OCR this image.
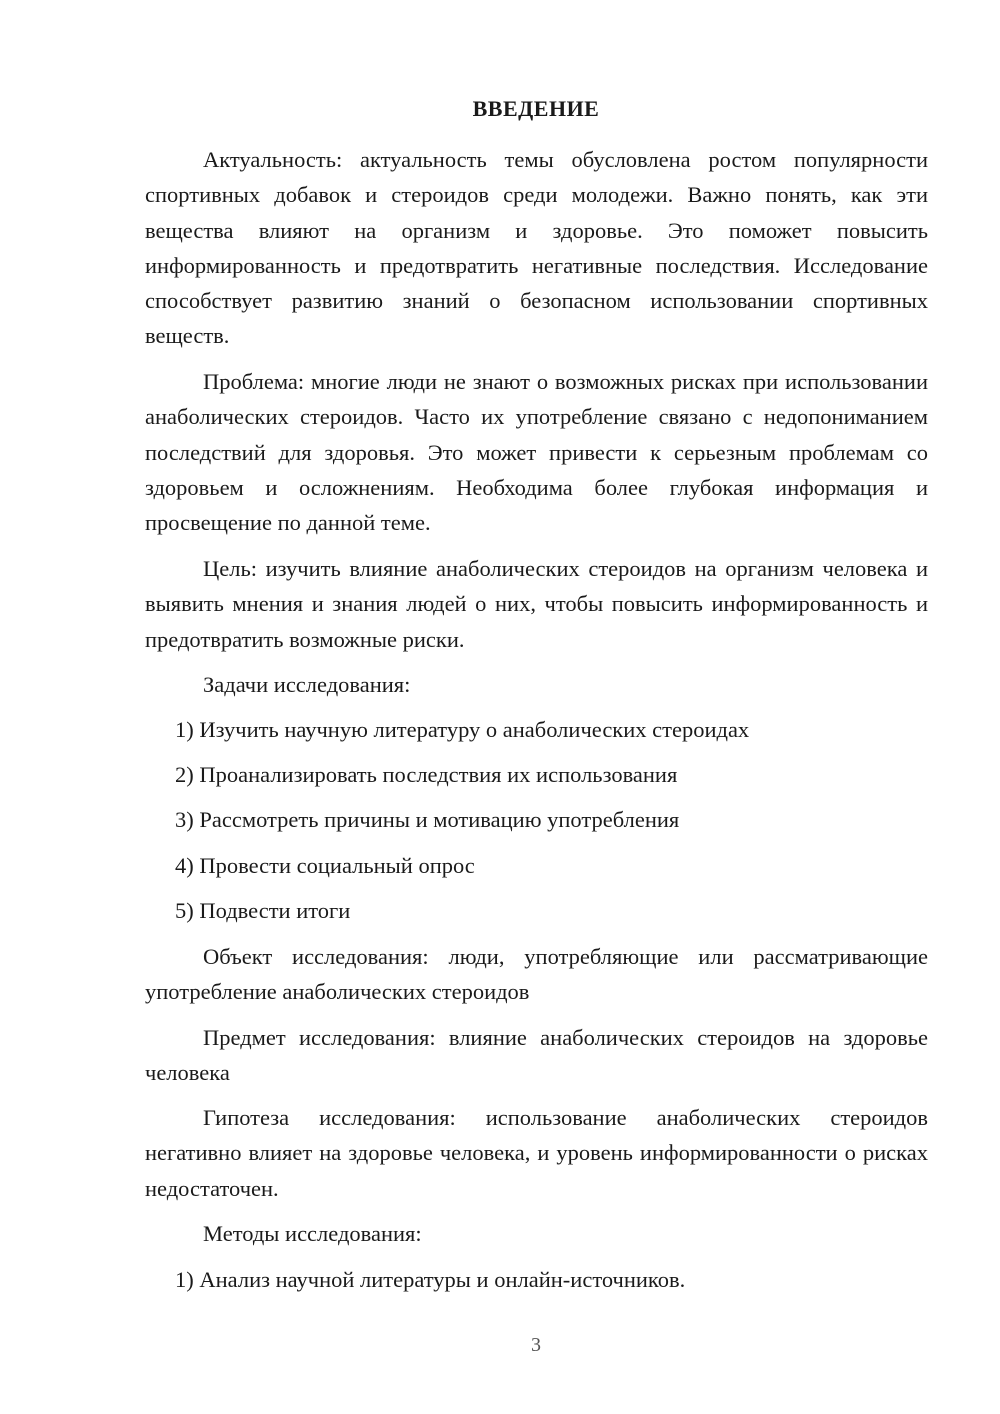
ВВЕДЕНИЕ

Актуальность: актуальность темы обусловлена ростом популярности спортивных добавок и стероидов среди молодежи. Важно понять, как эти вещества влияют на организм и здоровье. Это поможет повысить информированность и предотвратить негативные последствия. Исследование способствует развитию знаний о безопасном использовании спортивных веществ.

Проблема: многие люди не знают о возможных рисках при использовании анаболических стероидов. Часто их употребление связано с недопониманием последствий для здоровья. Это может привести к серьезным проблемам со здоровьем и осложнениям. Необходима более глубокая информация и просвещение по данной теме.

Цель: изучить влияние анаболических стероидов на организм человека и выявить мнения и знания людей о них, чтобы повысить информированность и предотвратить возможные риски.

Задачи исследования:

1) Изучить научную литературу о анаболических стероидах

2) Проанализировать последствия их использования

3) Рассмотреть причины и мотивацию употребления

4) Провести социальный опрос

5) Подвести итоги

Объект исследования: люди, употребляющие или рассматривающие употребление анаболических стероидов

Предмет исследования: влияние анаболических стероидов на здоровье человека

Гипотеза исследования: использование анаболических стероидов негативно влияет на здоровье человека, и уровень информированности о рисках недостаточен.

Методы исследования:

1) Анализ научной литературы и онлайн-источников.

3
